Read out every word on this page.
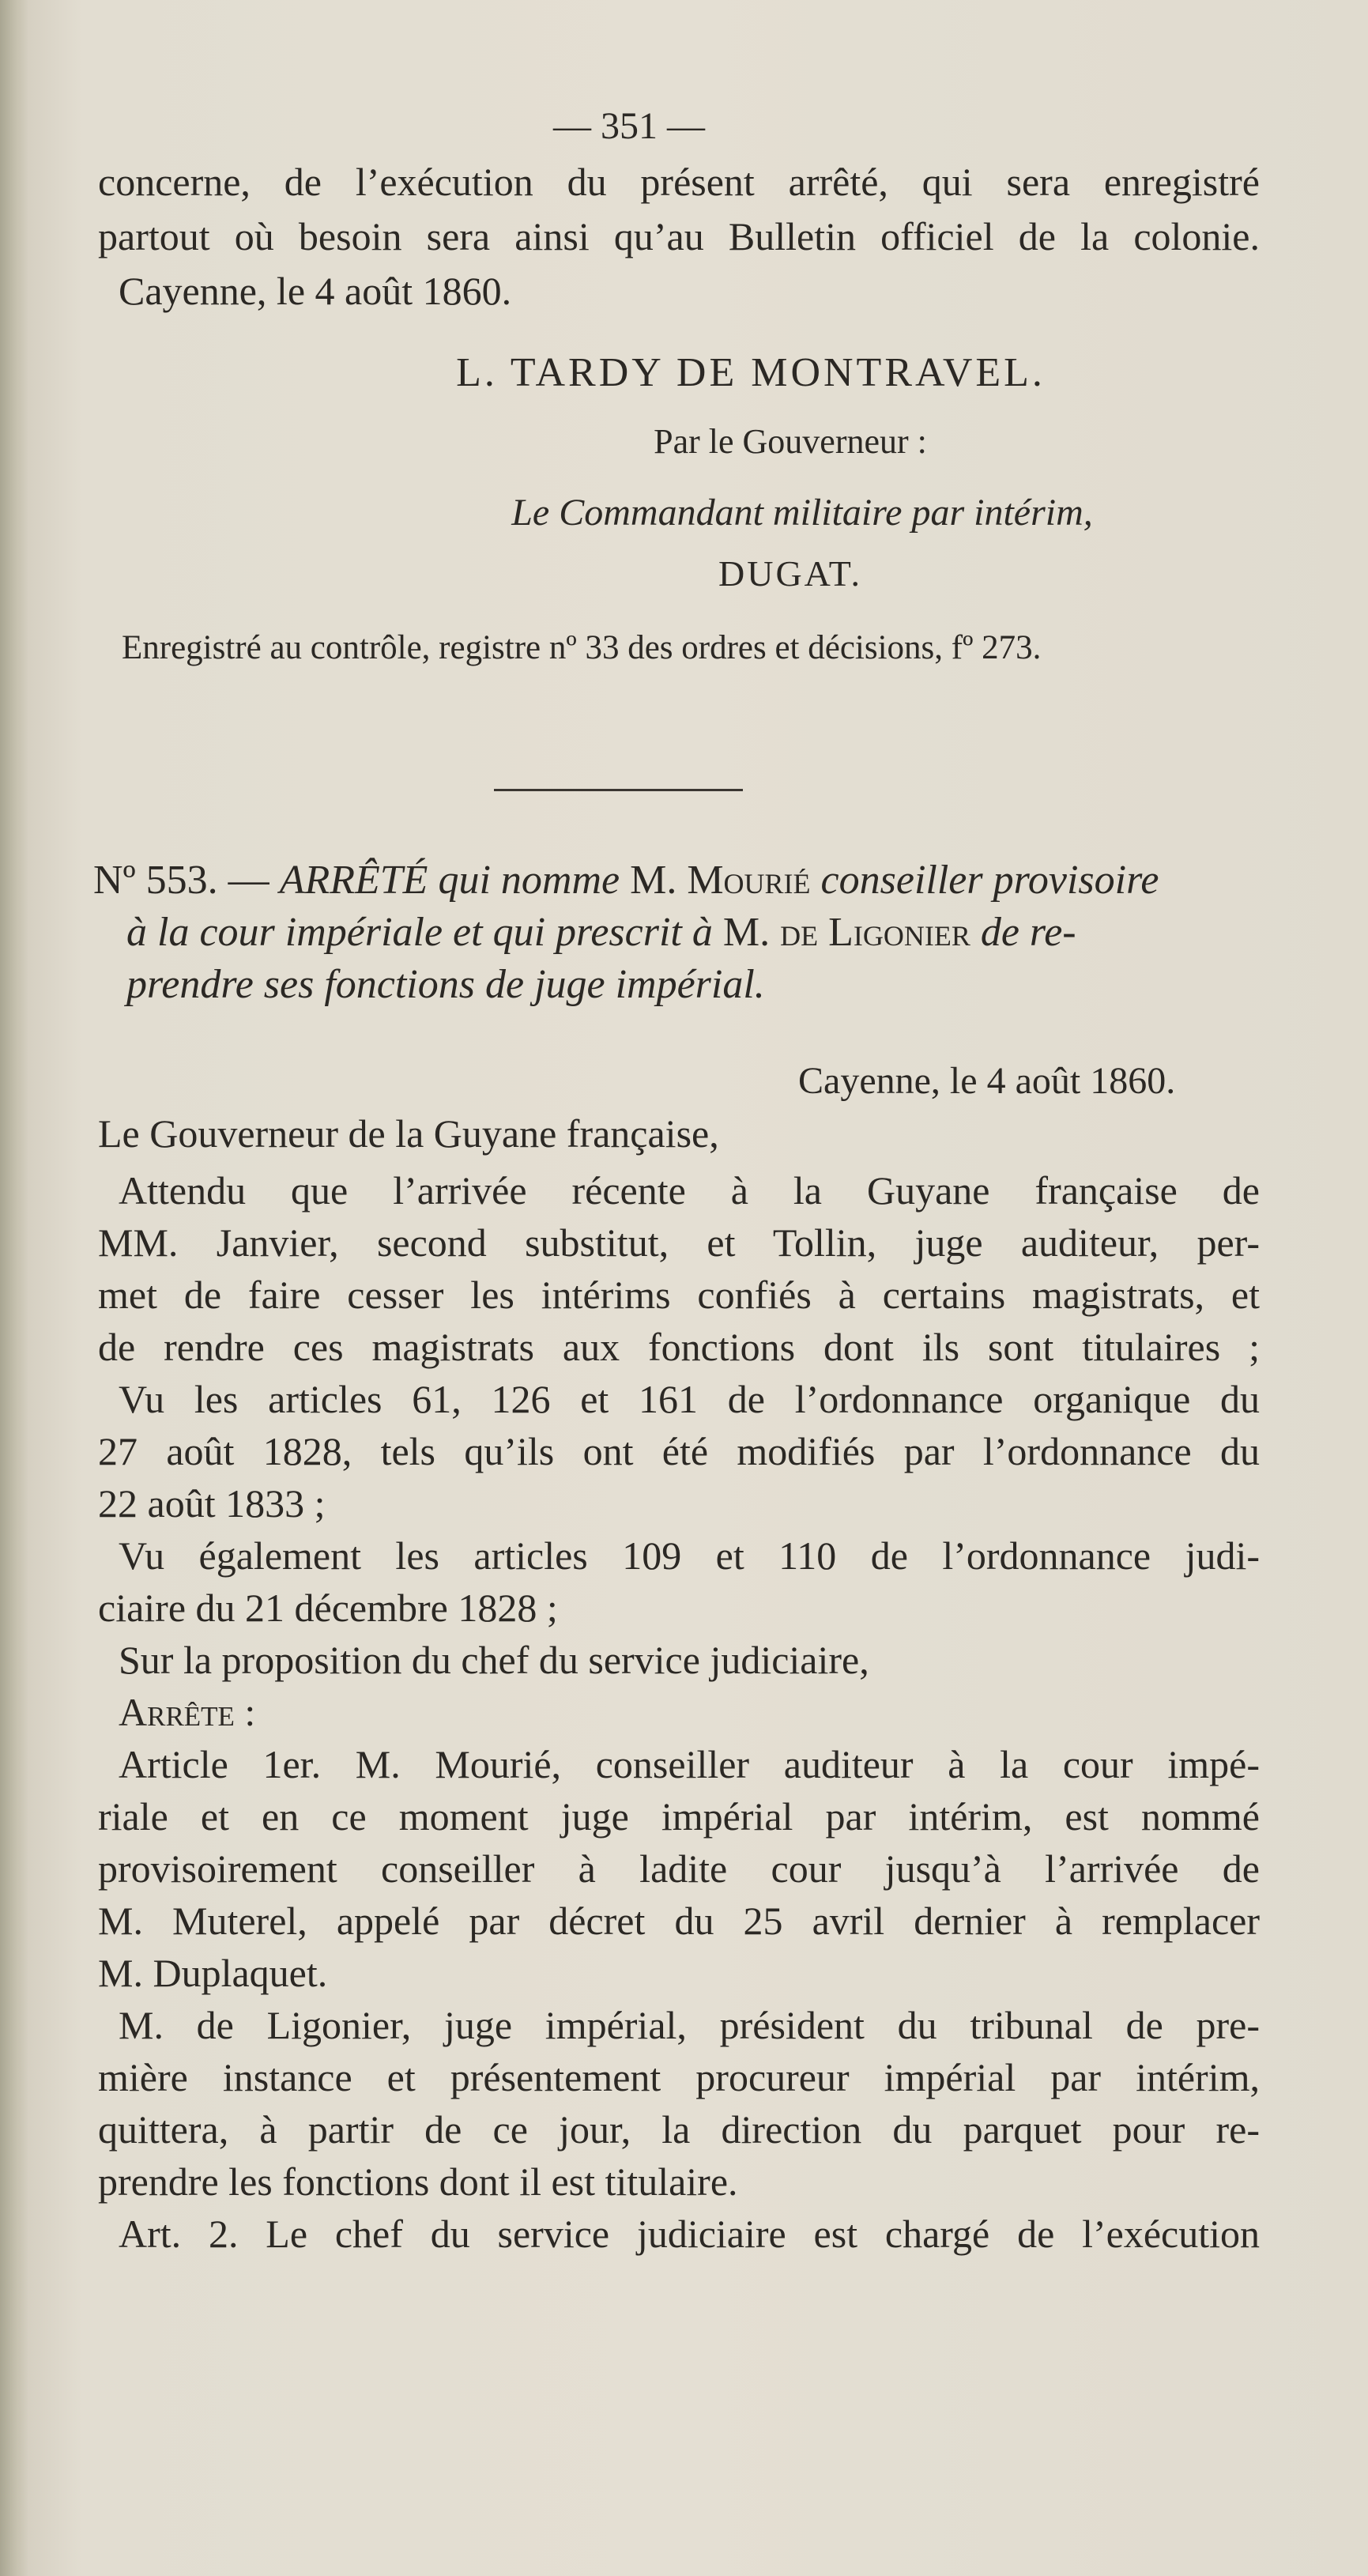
— 351 —
concerne, de l’exécution du présent arrêté, qui sera enregistré
partout où besoin sera ainsi qu’au Bulletin officiel de la colonie.
Cayenne, le 4 août 1860.
L. TARDY DE MONTRAVEL.
Par le Gouverneur :
Le Commandant militaire par intérim,
DUGAT.
Enregistré au contrôle, registre nº 33 des ordres et décisions, fº 273.
Nº 553. — ARRÊTÉ qui nomme M. Mourié conseiller provisoire
à la cour impériale et qui prescrit à M. de Ligonier de re-
prendre ses fonctions de juge impérial.
Cayenne, le 4 août 1860.
Le Gouverneur de la Guyane française,
Attendu que l’arrivée récente à la Guyane française de
MM. Janvier, second substitut, et Tollin, juge auditeur, per-
met de faire cesser les intérims confiés à certains magistrats, et
de rendre ces magistrats aux fonctions dont ils sont titulaires ;
Vu les articles 61, 126 et 161 de l’ordonnance organique du
27 août 1828, tels qu’ils ont été modifiés par l’ordonnance du
22 août 1833 ;
Vu également les articles 109 et 110 de l’ordonnance judi-
ciaire du 21 décembre 1828 ;
Sur la proposition du chef du service judiciaire,
Arrête :
Article 1er. M. Mourié, conseiller auditeur à la cour impé-
riale et en ce moment juge impérial par intérim, est nommé
provisoirement conseiller à ladite cour jusqu’à l’arrivée de
M. Muterel, appelé par décret du 25 avril dernier à remplacer
M. Duplaquet.
M. de Ligonier, juge impérial, président du tribunal de pre-
mière instance et présentement procureur impérial par intérim,
quittera, à partir de ce jour, la direction du parquet pour re-
prendre les fonctions dont il est titulaire.
Art. 2. Le chef du service judiciaire est chargé de l’exécution
